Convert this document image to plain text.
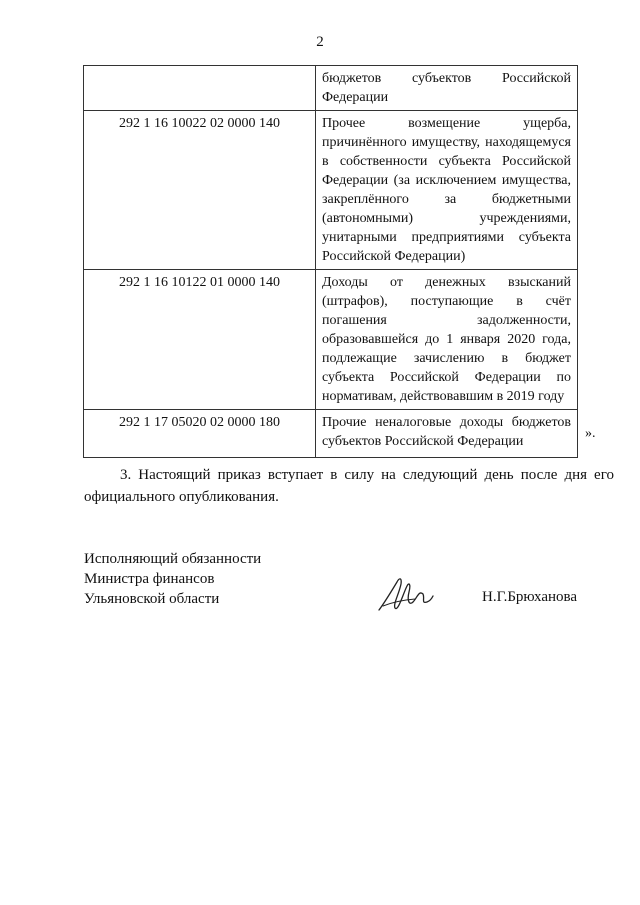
2
	бюджетов субъектов Российской Федерации
292 1 16 10022 02 0000 140	Прочее возмещение ущерба, причинённого имуществу, находящемуся в собственности субъекта Российской Федерации (за исключением имущества, закреплённого за бюджетными (автономными) учреждениями, унитарными предприятиями субъекта Российской Федерации)
292 1 16 10122 01 0000 140	Доходы от денежных взысканий (штрафов), поступающие в счёт погашения задолженности, образовавшейся до 1 января 2020 года, подлежащие зачислению в бюджет субъекта Российской Федерации по нормативам, действовавшим в 2019 году
292 1 17 05020 02 0000 180	Прочие неналоговые доходы бюджетов субъектов Российской Федерации
».
3. Настоящий приказ вступает в силу на следующий день после дня его официального опубликования.
Исполняющий обязанности
Министра финансов
Ульяновской области	Н.Г.Брюханова
